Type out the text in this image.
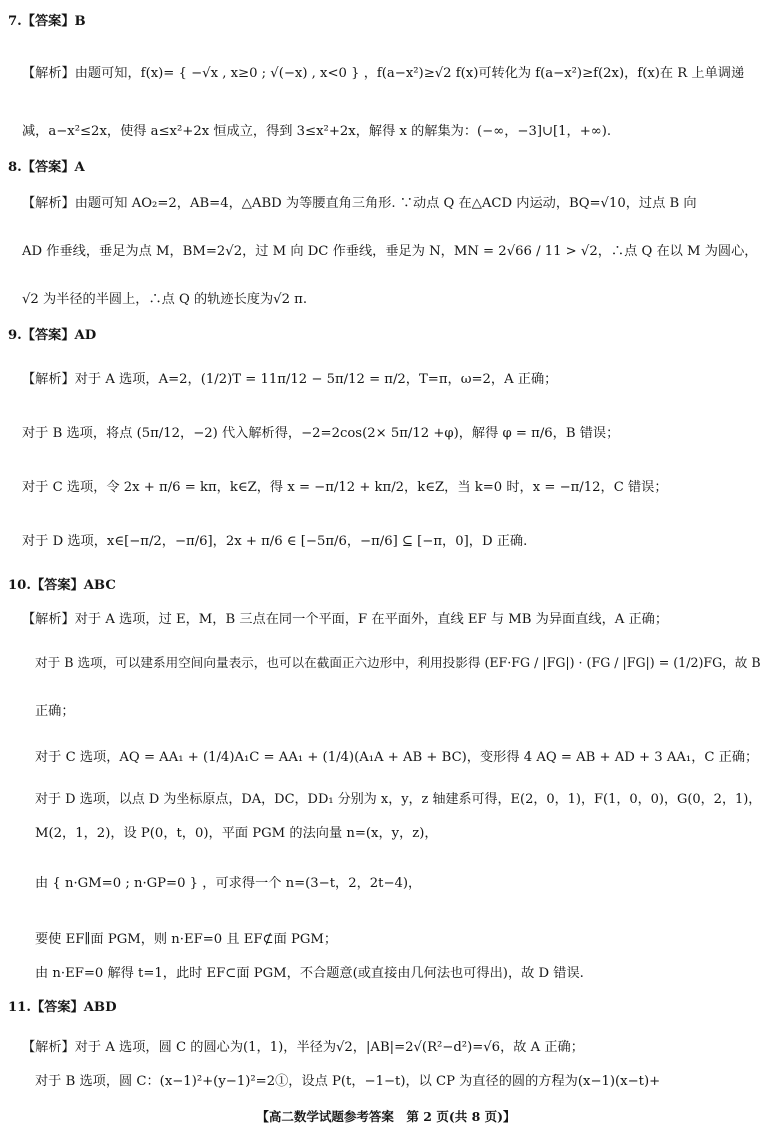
7.【答案】B
【解析】由题可知，f(x)= { −√x , x≥0 ; √(−x) , x<0 } ，f(a−x²)≥√2 f(x)可转化为 f(a−x²)≥f(2x)，f(x)在 R 上单调递
减，a−x²≤2x，使得 a≤x²+2x 恒成立，得到 3≤x²+2x，解得 x 的解集为：(−∞，−3]∪[1，+∞).
8.【答案】A
【解析】由题可知 AO₂=2，AB=4，△ABD 为等腰直角三角形. ∵动点 Q 在△ACD 内运动，BQ=√10，过点 B 向
AD 作垂线，垂足为点 M，BM=2√2，过 M 向 DC 作垂线，垂足为 N，MN = 2√66 / 11 > √2，∴点 Q 在以 M 为圆心，
√2 为半径的半圆上，∴点 Q 的轨迹长度为√2 π.
9.【答案】AD
【解析】对于 A 选项，A=2，(1/2)T = 11π/12 − 5π/12 = π/2，T=π，ω=2，A 正确；
对于 B 选项，将点 (5π/12，−2) 代入解析得，−2=2cos(2× 5π/12 +φ)，解得 φ = π/6，B 错误；
对于 C 选项，令 2x + π/6 = kπ，k∈Z，得 x = −π/12 + kπ/2，k∈Z，当 k=0 时，x = −π/12，C 错误；
对于 D 选项，x∈[−π/2，−π/6]，2x + π/6 ∈ [−5π/6，−π/6] ⊆ [−π，0]，D 正确.
10.【答案】ABC
【解析】对于 A 选项，过 E，M，B 三点在同一个平面，F 在平面外，直线 EF 与 MB 为异面直线，A 正确；
对于 B 选项，可以建系用空间向量表示，也可以在截面正六边形中，利用投影得 (EF·FG / |FG|) · (FG / |FG|) = (1/2)FG，故 B
正确；
对于 C 选项，AQ = AA₁ + (1/4)A₁C = AA₁ + (1/4)(A₁A + AB + BC)，变形得 4 AQ = AB + AD + 3 AA₁，C 正确；
对于 D 选项，以点 D 为坐标原点，DA，DC，DD₁ 分别为 x，y，z 轴建系可得，E(2，0，1)，F(1，0，0)，G(0，2，1)，
M(2，1，2)，设 P(0，t，0)，平面 PGM 的法向量 n=(x，y，z)，
由 { n·GM=0 ; n·GP=0 } ，可求得一个 n=(3−t，2，2t−4)，
要使 EF∥面 PGM，则 n·EF=0 且 EF⊄面 PGM；
由 n·EF=0 解得 t=1，此时 EF⊂面 PGM，不合题意(或直接由几何法也可得出)，故 D 错误.
11.【答案】ABD
【解析】对于 A 选项，圆 C 的圆心为(1，1)，半径为√2，|AB|=2√(R²−d²)=√6，故 A 正确；
对于 B 选项，圆 C：(x−1)²+(y−1)²=2①，设点 P(t，−1−t)，以 CP 为直径的圆的方程为(x−1)(x−t)+
【高二数学试题参考答案　第 2 页(共 8 页)】
